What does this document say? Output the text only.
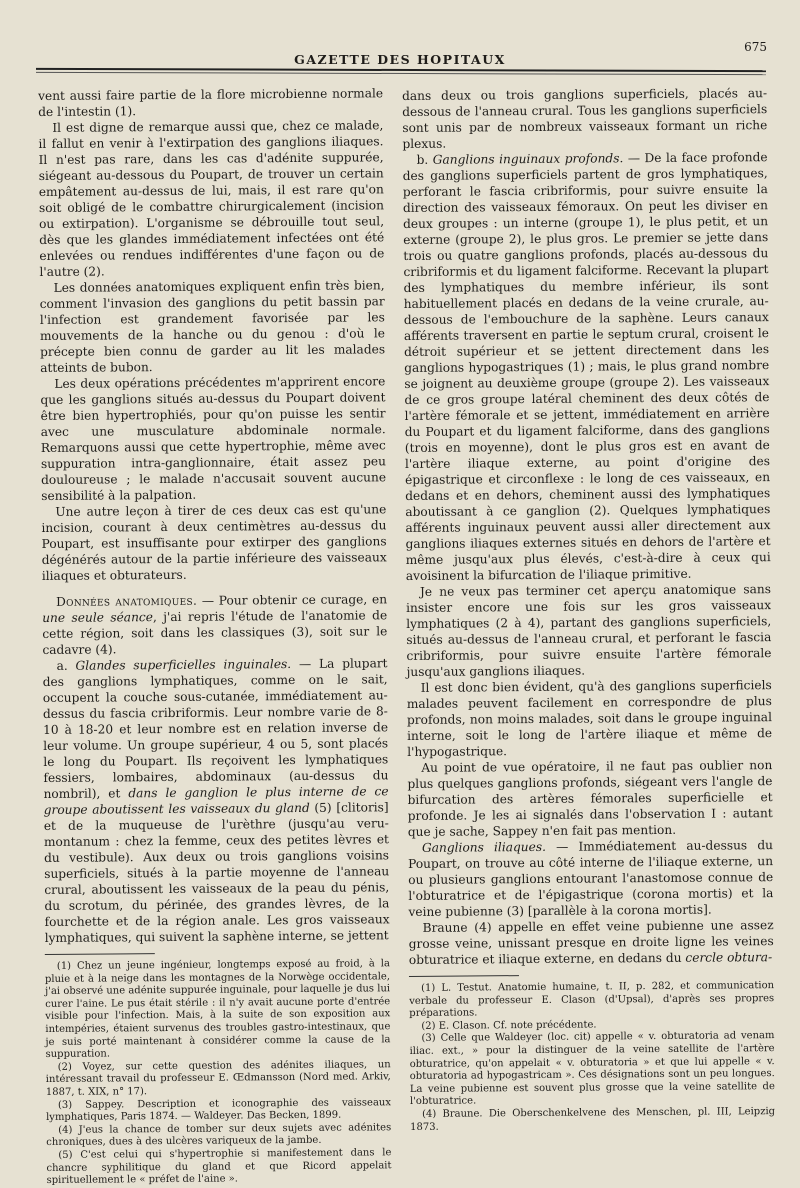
675
GAZETTE DES HOPITAUX

vent aussi faire partie de la flore microbienne normale de l'intestin (1).

Il est digne de remarque aussi que, chez ce malade, il fallut en venir à l'extirpation des ganglions iliaques. Il n'est pas rare, dans les cas d'adénite suppurée, siégeant au-dessous du Poupart, de trouver un certain empâtement au-dessus de lui, mais, il est rare qu'on soit obligé de le combattre chirurgicalement (incision ou extirpation). L'organisme se débrouille tout seul, dès que les glandes immédiatement infectées ont été enlevées ou rendues indifférentes d'une façon ou de l'autre (2).

Les données anatomiques expliquent enfin très bien, comment l'invasion des ganglions du petit bassin par l'infection est grandement favorisée par les mouvements de la hanche ou du genou : d'où le précepte bien connu de garder au lit les malades atteints de bubon.

Les deux opérations précédentes m'apprirent encore que les ganglions situés au-dessus du Poupart doivent être bien hypertrophiés, pour qu'on puisse les sentir avec une musculature abdominale normale. Remarquons aussi que cette hypertrophie, même avec suppuration intra-ganglionnaire, était assez peu douloureuse ; le malade n'accusait souvent aucune sensibilité à la palpation.

Une autre leçon à tirer de ces deux cas est qu'une incision, courant à deux centimètres au-dessus du Poupart, est insuffisante pour extirper des ganglions dégénérés autour de la partie inférieure des vaisseaux iliaques et obturateurs.

Données anatomiques. — Pour obtenir ce curage, en une seule séance, j'ai repris l'étude de l'anatomie de cette région, soit dans les classiques (3), soit sur le cadavre (4).

a. Glandes superficielles inguinales. — La plupart des ganglions lymphatiques, comme on le sait, occupent la couche sous-cutanée, immédiatement au-dessus du fascia cribriformis. Leur nombre varie de 8-10 à 18-20 et leur nombre est en relation inverse de leur volume. Un groupe supérieur, 4 ou 5, sont placés le long du Poupart. Ils reçoivent les lymphatiques fessiers, lombaires, abdominaux (au-dessus du nombril), et dans le ganglion le plus interne de ce groupe aboutissent les vaisseaux du gland (5) [clitoris] et de la muqueuse de l'urèthre (jusqu'au veru-montanum : chez la femme, ceux des petites lèvres et du vestibule). Aux deux ou trois ganglions voisins superficiels, situés à la partie moyenne de l'anneau crural, aboutissent les vaisseaux de la peau du pénis, du scrotum, du périnée, des grandes lèvres, de la fourchette et de la région anale. Les gros vaisseaux lymphatiques, qui suivent la saphène interne, se jettent

(1) Chez un jeune ingénieur, longtemps exposé au froid, à la pluie et à la neige dans les montagnes de la Norwège occidentale, j'ai observé une adénite suppurée inguinale, pour laquelle je dus lui curer l'aine. Le pus était stérile : il n'y avait aucune porte d'entrée visible pour l'infection. Mais, à la suite de son exposition aux intempéries, étaient survenus des troubles gastro-intestinaux, que je suis porté maintenant à considérer comme la cause de la suppuration.

(2) Voyez, sur cette question des adénites iliaques, un intéressant travail du professeur E. Œdmansson (Nord med. Arkiv, 1887, t. XIX, n° 17).

(3) Sappey. Description et iconographie des vaisseaux lymphatiques, Paris 1874. — Waldeyer. Das Becken, 1899.

(4) J'eus la chance de tomber sur deux sujets avec adénites chroniques, dues à des ulcères variqueux de la jambe.

(5) C'est celui qui s'hypertrophie si manifestement dans le chancre syphilitique du gland et que Ricord appelait spirituellement le « préfet de l'aine ».

dans deux ou trois ganglions superficiels, placés au-dessous de l'anneau crural. Tous les ganglions superficiels sont unis par de nombreux vaisseaux formant un riche plexus.

b. Ganglions inguinaux profonds. — De la face profonde des ganglions superficiels partent de gros lymphatiques, perforant le fascia cribriformis, pour suivre ensuite la direction des vaisseaux fémoraux. On peut les diviser en deux groupes : un interne (groupe 1), le plus petit, et un externe (groupe 2), le plus gros. Le premier se jette dans trois ou quatre ganglions profonds, placés au-dessous du cribriformis et du ligament falciforme. Recevant la plupart des lymphatiques du membre inférieur, ils sont habituellement placés en dedans de la veine crurale, au-dessous de l'embouchure de la saphène. Leurs canaux afférents traversent en partie le septum crural, croisent le détroit supérieur et se jettent directement dans les ganglions hypogastriques (1) ; mais, le plus grand nombre se joignent au deuxième groupe (groupe 2). Les vaisseaux de ce gros groupe latéral cheminent des deux côtés de l'artère fémorale et se jettent, immédiatement en arrière du Poupart et du ligament falciforme, dans des ganglions (trois en moyenne), dont le plus gros est en avant de l'artère iliaque externe, au point d'origine des épigastrique et circonflexe : le long de ces vaisseaux, en dedans et en dehors, cheminent aussi des lymphatiques aboutissant à ce ganglion (2). Quelques lymphatiques afférents inguinaux peuvent aussi aller directement aux ganglions iliaques externes situés en dehors de l'artère et même jusqu'aux plus élevés, c'est-à-dire à ceux qui avoisinent la bifurcation de l'iliaque primitive.

Je ne veux pas terminer cet aperçu anatomique sans insister encore une fois sur les gros vaisseaux lymphatiques (2 à 4), partant des ganglions superficiels, situés au-dessus de l'anneau crural, et perforant le fascia cribriformis, pour suivre ensuite l'artère fémorale jusqu'aux ganglions iliaques.

Il est donc bien évident, qu'à des ganglions superficiels malades peuvent facilement en correspondre de plus profonds, non moins malades, soit dans le groupe inguinal interne, soit le long de l'artère iliaque et même de l'hypogastrique.

Au point de vue opératoire, il ne faut pas oublier non plus quelques ganglions profonds, siégeant vers l'angle de bifurcation des artères fémorales superficielle et profonde. Je les ai signalés dans l'observation I : autant que je sache, Sappey n'en fait pas mention.

Ganglions iliaques. — Immédiatement au-dessus du Poupart, on trouve au côté interne de l'iliaque externe, un ou plusieurs ganglions entourant l'anastomose connue de l'obturatrice et de l'épigastrique (corona mortis) et la veine pubienne (3) [parallèle à la corona mortis].

Braune (4) appelle en effet veine pubienne une assez grosse veine, unissant presque en droite ligne les veines obturatrice et iliaque externe, en dedans du cercle obtura-

(1) L. Testut. Anatomie humaine, t. II, p. 282, et communication verbale du professeur E. Clason (d'Upsal), d'après ses propres préparations.

(2) E. Clason. Cf. note précédente.

(3) Celle que Waldeyer (loc. cit) appelle « v. obturatoria ad venam iliac. ext., » pour la distinguer de la veine satellite de l'artère obturatrice, qu'on appelait « v. obturatoria » et que lui appelle « v. obturatoria ad hypogastricam ». Ces désignations sont un peu longues. La veine pubienne est souvent plus grosse que la veine satellite de l'obturatrice.

(4) Braune. Die Oberschenkelvene des Menschen, pl. III, Leipzig 1873.
